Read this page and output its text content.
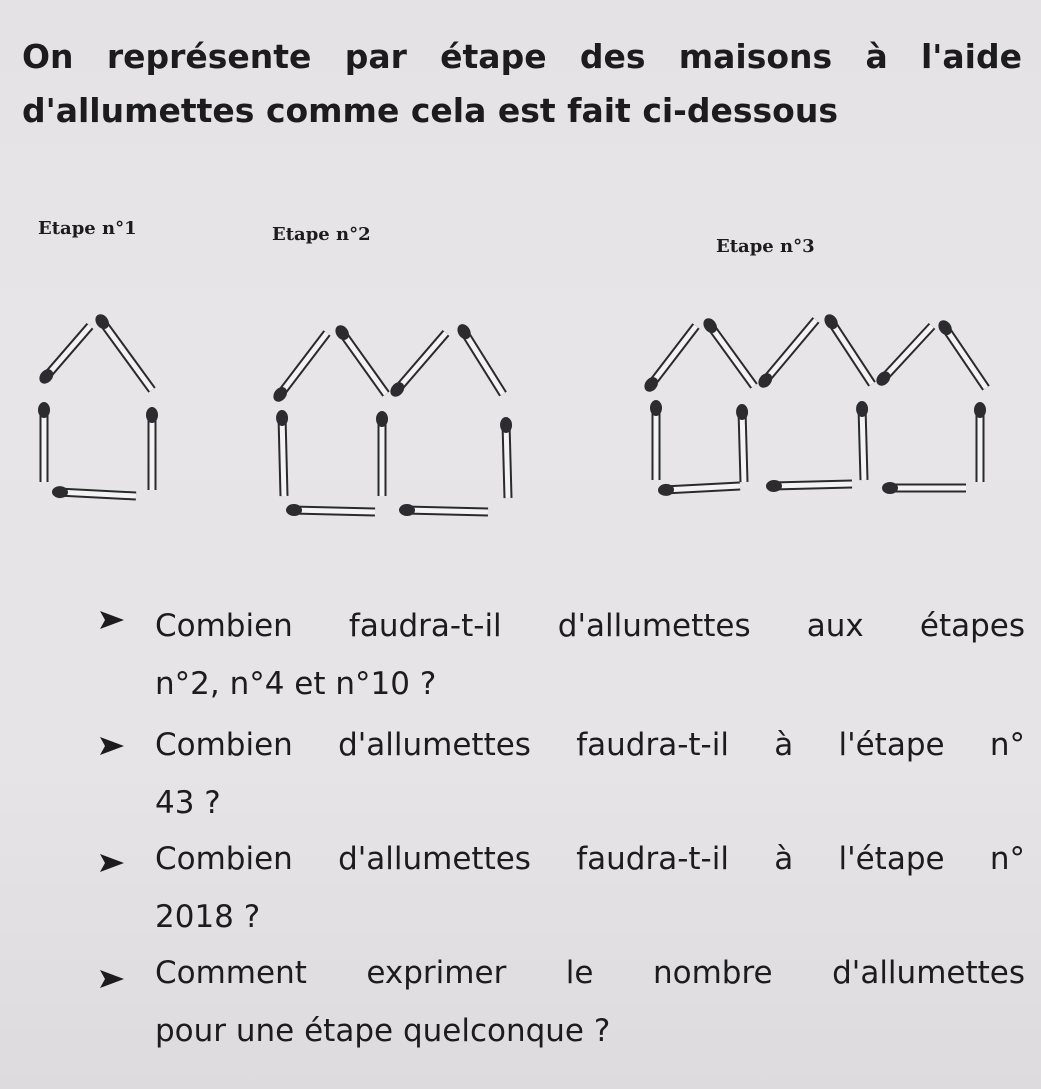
On représente par étape des maisons à l'aide
d'allumettes comme cela est fait ci-dessous
Etape n°1	Etape n°2
Etape n°3
Combien faudra-t-il d'allumettes aux étapes
n°2, n°4 et n°10 ?
Combien d'allumettes faudra-t-il à l'étape n°
43 ?
Combien d'allumettes faudra-t-il à l'étape n°
2018 ?
Comment exprimer le nombre d'allumettes
pour une étape quelconque ?
